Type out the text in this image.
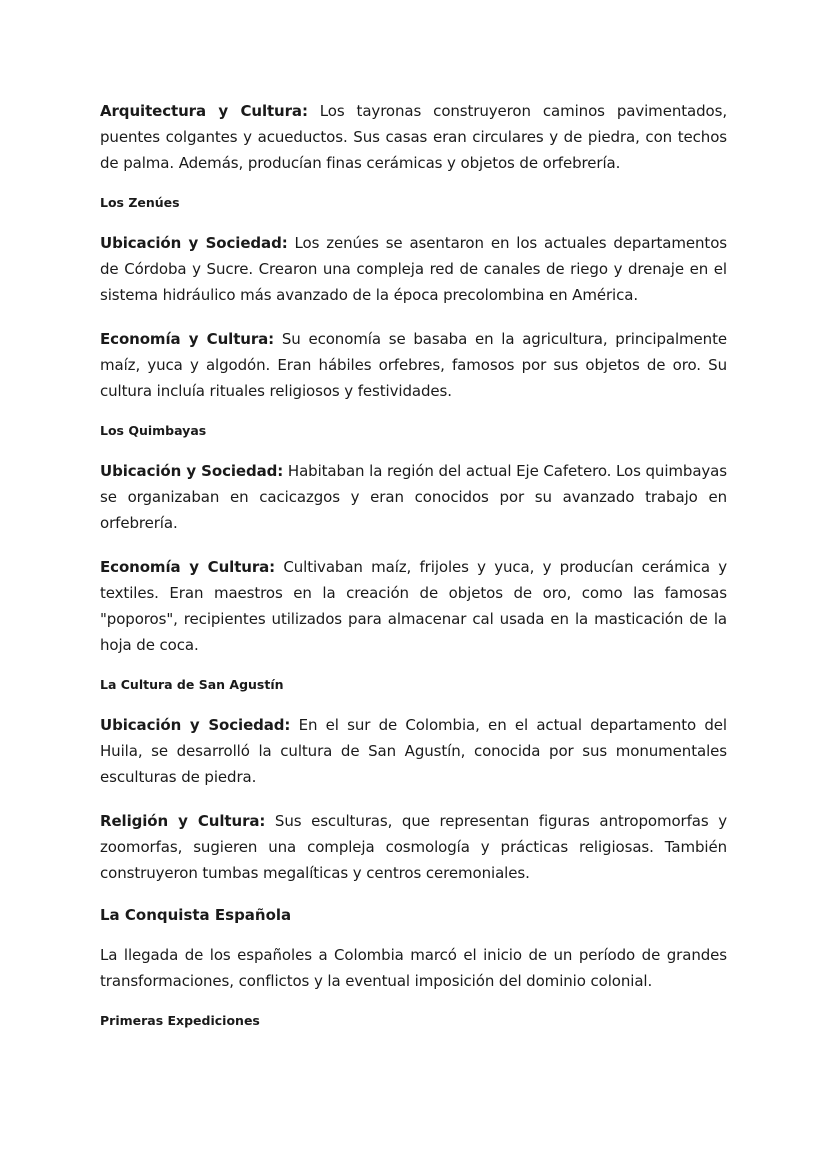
Arquitectura y Cultura: Los tayronas construyeron caminos pavimentados, puentes colgantes y acueductos. Sus casas eran circulares y de piedra, con techos de palma. Además, producían finas cerámicas y objetos de orfebrería.

Los Zenúes

Ubicación y Sociedad: Los zenúes se asentaron en los actuales departamentos de Córdoba y Sucre. Crearon una compleja red de canales de riego y drenaje en el sistema hidráulico más avanzado de la época precolombina en América.

Economía y Cultura: Su economía se basaba en la agricultura, principalmente maíz, yuca y algodón. Eran hábiles orfebres, famosos por sus objetos de oro. Su cultura incluía rituales religiosos y festividades.

Los Quimbayas

Ubicación y Sociedad: Habitaban la región del actual Eje Cafetero. Los quimbayas se organizaban en cacicazgos y eran conocidos por su avanzado trabajo en orfebrería.

Economía y Cultura: Cultivaban maíz, frijoles y yuca, y producían cerámica y textiles. Eran maestros en la creación de objetos de oro, como las famosas "poporos", recipientes utilizados para almacenar cal usada en la masticación de la hoja de coca.

La Cultura de San Agustín

Ubicación y Sociedad: En el sur de Colombia, en el actual departamento del Huila, se desarrolló la cultura de San Agustín, conocida por sus monumentales esculturas de piedra.

Religión y Cultura: Sus esculturas, que representan figuras antropomorfas y zoomorfas, sugieren una compleja cosmología y prácticas religiosas. También construyeron tumbas megalíticas y centros ceremoniales.

La Conquista Española

La llegada de los españoles a Colombia marcó el inicio de un período de grandes transformaciones, conflictos y la eventual imposición del dominio colonial.

Primeras Expediciones
